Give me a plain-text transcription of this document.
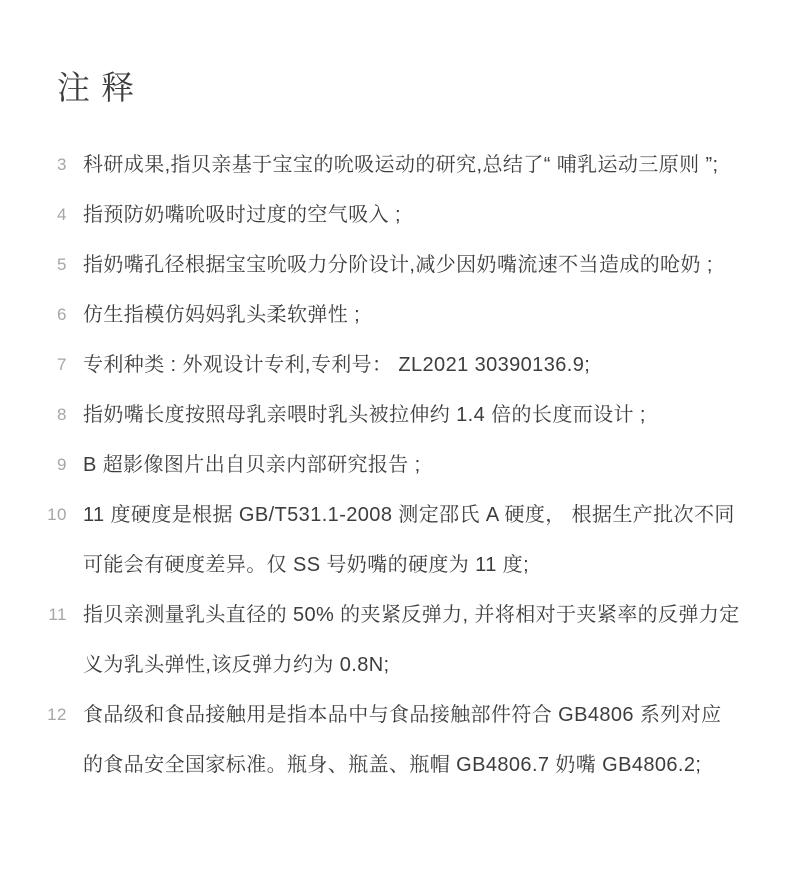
注 释
3 科研成果,指贝亲基于宝宝的吮吸运动的研究,总结了“ 哺乳运动三原则 ”;
4 指预防奶嘴吮吸时过度的空气吸入 ;
5 指奶嘴孔径根据宝宝吮吸力分阶设计,减少因奶嘴流速不当造成的呛奶 ;
6 仿生指模仿妈妈乳头柔软弹性 ;
7 专利种类 : 外观设计专利,专利号： ZL2021 30390136.9;
8 指奶嘴长度按照母乳亲喂时乳头被拉伸约 1.4 倍的长度而设计 ;
9 B 超影像图片出自贝亲内部研究报告 ;
10 11 度硬度是根据 GB/T531.1-2008 测定邵氏 A 硬度， 根据生产批次不同可能会有硬度差异。仅 SS 号奶嘴的硬度为 11 度;
11 指贝亲测量乳头直径的 50% 的夹紧反弹力, 并将相对于夹紧率的反弹力定义为乳头弹性,该反弹力约为 0.8N;
12 食品级和食品接触用是指本品中与食品接触部件符合 GB4806 系列对应的食品安全国家标准。瓶身、瓶盖、瓶帽 GB4806.7 奶嘴 GB4806.2;
